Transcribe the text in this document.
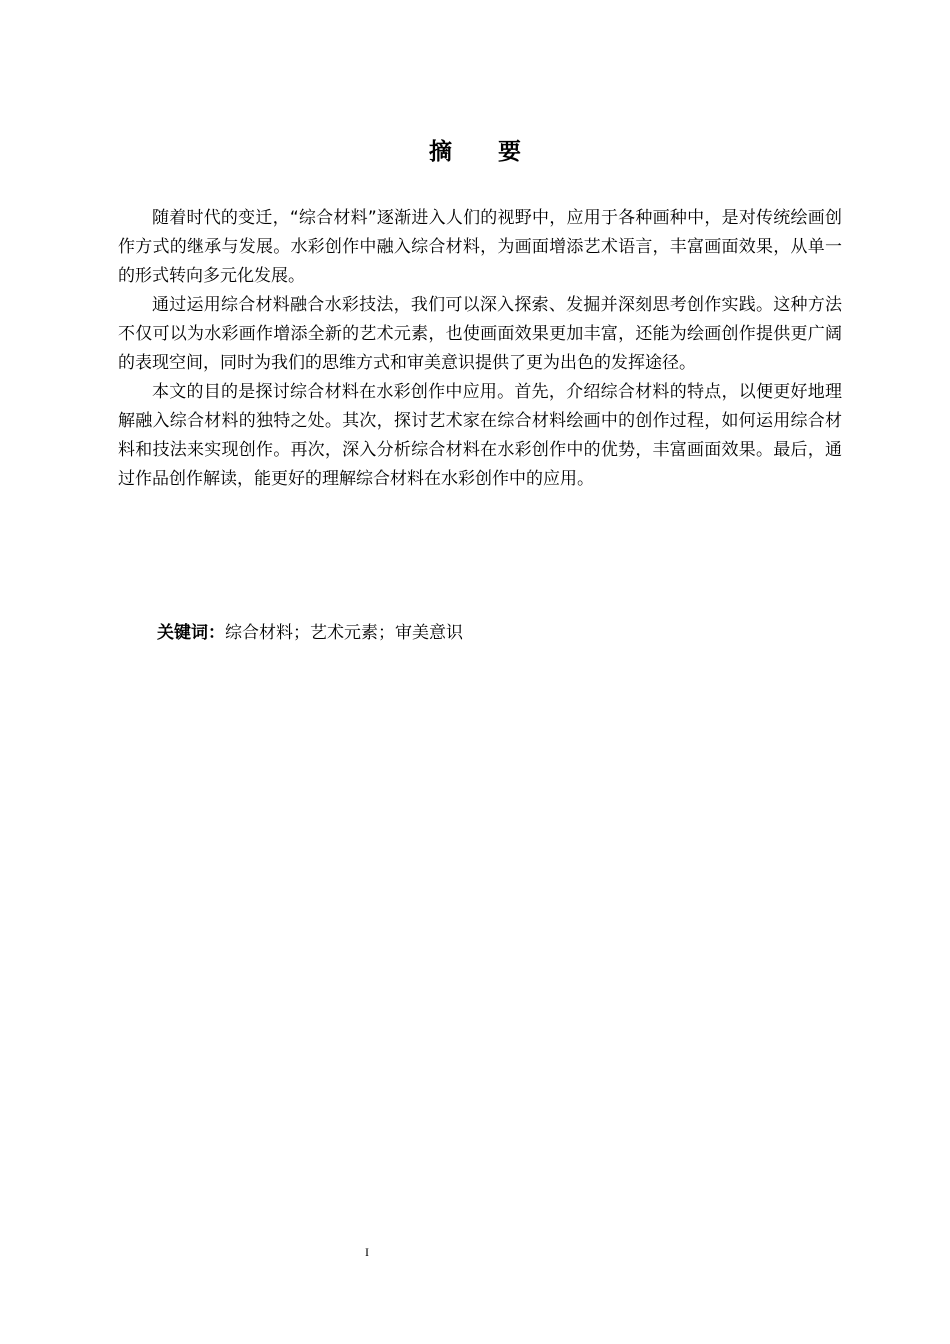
摘 要

随着时代的变迁，“综合材料”逐渐进入人们的视野中，应用于各种画种中，是对传统绘画创作方式的继承与发展。水彩创作中融入综合材料，为画面增添艺术语言，丰富画面效果，从单一的形式转向多元化发展。

通过运用综合材料融合水彩技法，我们可以深入探索、发掘并深刻思考创作实践。这种方法不仅可以为水彩画作增添全新的艺术元素，也使画面效果更加丰富，还能为绘画创作提供更广阔的表现空间，同时为我们的思维方式和审美意识提供了更为出色的发挥途径。

本文的目的是探讨综合材料在水彩创作中应用。首先，介绍综合材料的特点，以便更好地理解融入综合材料的独特之处。其次，探讨艺术家在综合材料绘画中的创作过程，如何运用综合材料和技法来实现创作。再次，深入分析综合材料在水彩创作中的优势，丰富画面效果。最后，通过作品创作解读，能更好的理解综合材料在水彩创作中的应用。

关键词：综合材料；艺术元素；审美意识
I
